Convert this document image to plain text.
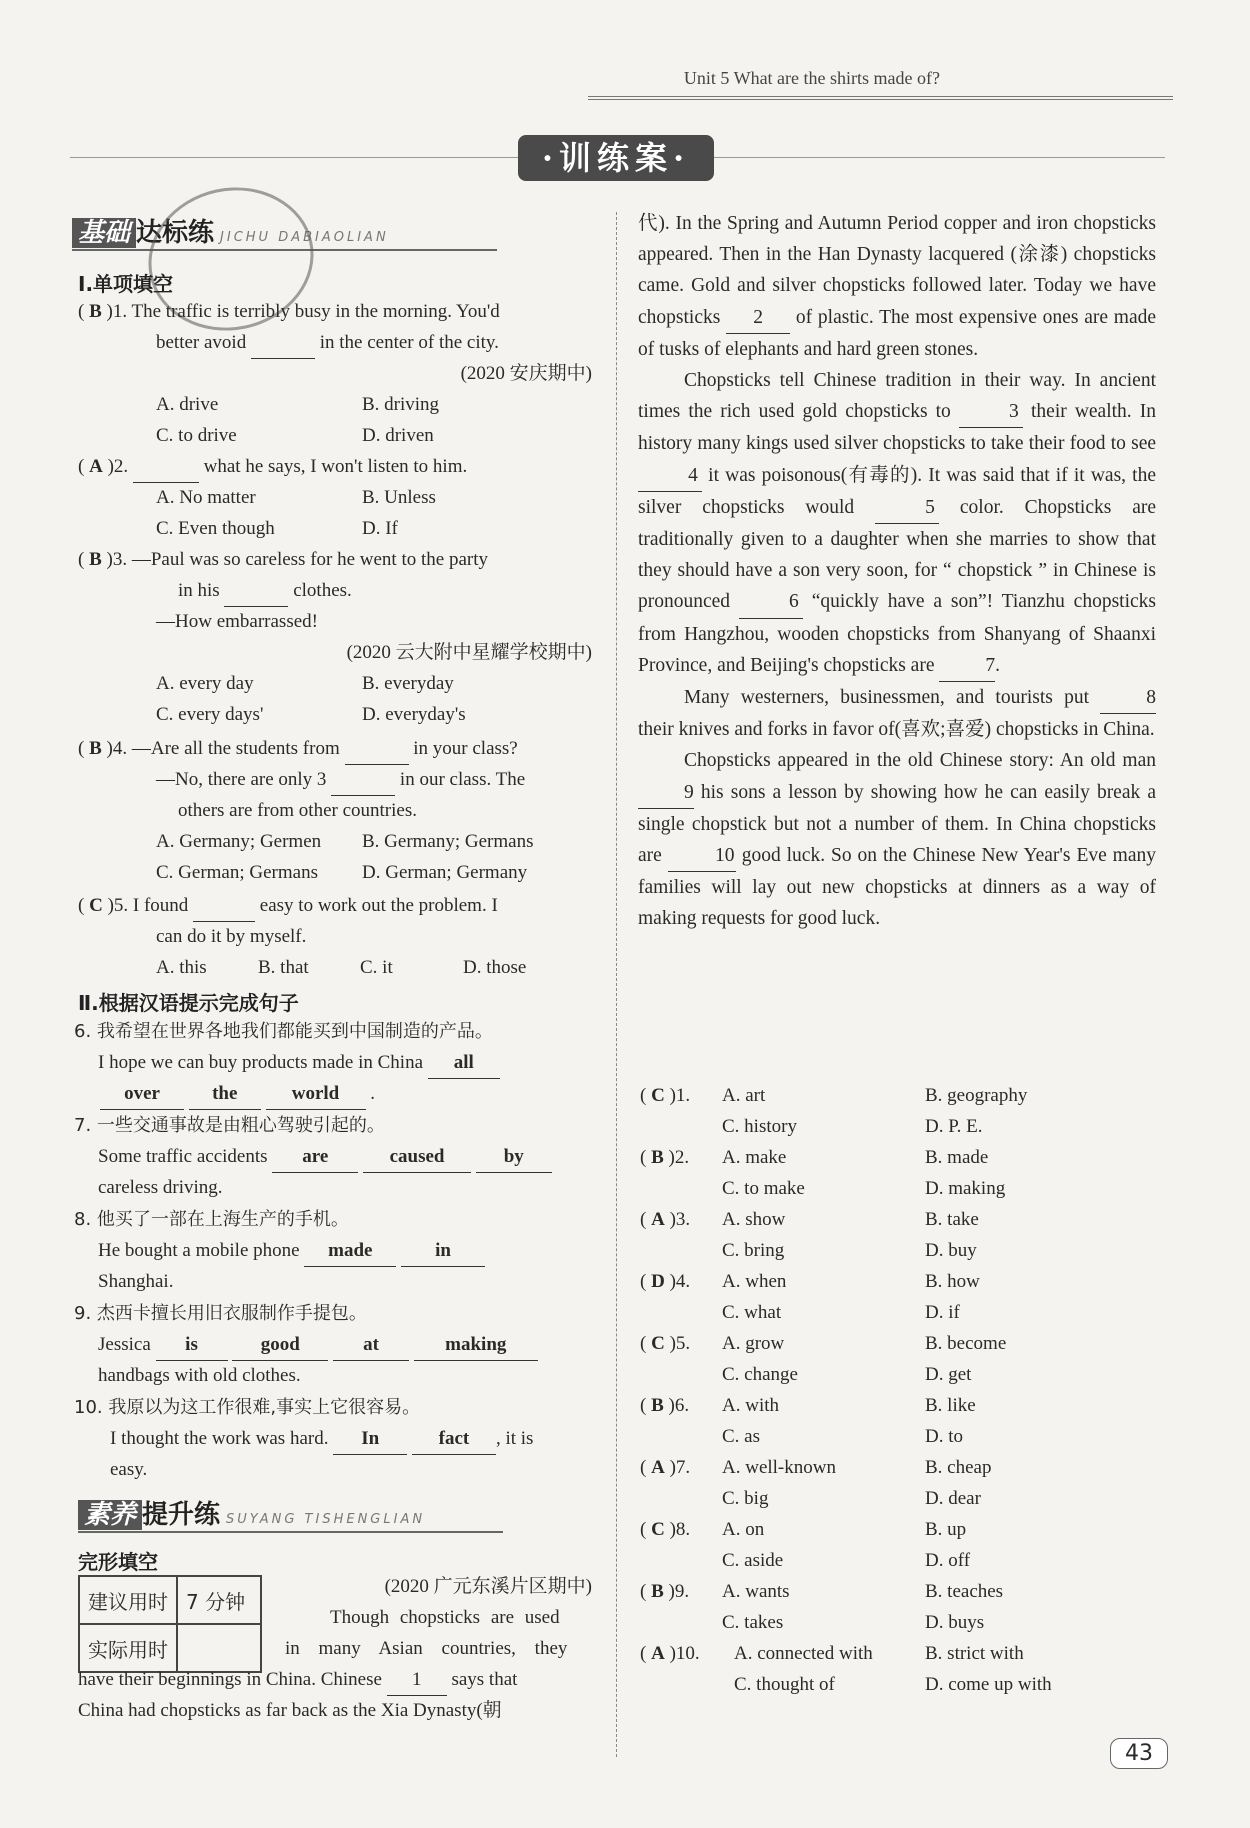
Unit 5 What are the shirts made of?
·训练案·
基础 达标练 JICHU DABIAOLIAN
Ⅰ.单项填空
( B )1. The traffic is terribly busy in the morning. You'd
better avoid	in the center of the city.
(2020 安庆期中)
A. drive	B. driving
C. to drive	D. driven
( A )2.	what he says, I won't listen to him.
A. No matter	B. Unless
C. Even though	D. If
( B )3. —Paul was so careless for he went to the party
in his	clothes.
—How embarrassed!
(2020 云大附中星耀学校期中)
A. every day	B. everyday
C. every days'	D. everyday's
( B )4. —Are all the students from	in your class?
—No, there are only 3	in our class. The
others are from other countries.
A. Germany; Germen B. Germany; Germans
C. German; Germans D. German; Germany
( C )5. I found	easy to work out the problem. I
can do it by myself.
A. this	B. that	C. it	D. those
Ⅱ.根据汉语提示完成句子
6. 我希望在世界各地我们都能买到中国制造的产品。
I hope we can buy products made in China all
over	the	world .
7. 一些交通事故是由粗心驾驶引起的。
Some traffic accidents are	caused	by
careless driving.
8. 他买了一部在上海生产的手机。
He bought a mobile phone made	in
Shanghai.
9. 杰西卡擅长用旧衣服制作手提包。
Jessica is	good	at	making
handbags with old clothes.
10. 我原以为这工作很难,事实上它很容易。
I thought the work was hard. In	fact , it is
easy.
素养 提升练 SUYANG TISHENGLIAN
完形填空
建议用时	7 分钟
实际用时	
(2020 广元东溪片区期中)
Though chopsticks are used
in many Asian countries, they
have their beginnings in China. Chinese 1 says that
China had chopsticks as far back as the Xia Dynasty(朝
代). In the Spring and Autumn Period copper and iron chopsticks appeared. Then in the Han Dynasty lacquered (涂漆) chopsticks came. Gold and silver chopsticks followed later. Today we have chopsticks 2 of plastic. The most expensive ones are made of tusks of elephants and hard green stones.
Chopsticks tell Chinese tradition in their way. In ancient times the rich used gold chopsticks to	3 their wealth. In history many kings used silver chopsticks to take their food to see 4 it was poisonous(有毒的). It was said that if it was, the silver chopsticks would	5 color. Chopsticks are traditionally given to a daughter when she marries to show that they should have a son very soon, for “ chopstick ” in Chinese is pronounced	6 “quickly have a son”! Tianzhu chopsticks from Hangzhou, wooden chopsticks from Shanyang of Shaanxi Province, and Beijing's chopsticks are	7.
Many westerners, businessmen, and tourists put	8 their knives and forks in favor of(喜欢;喜爱) chopsticks in China.
Chopsticks appeared in the old Chinese story: An old man 9 his sons a lesson by showing how he can easily break a single chopstick but not a number of them. In China chopsticks are	10 good luck. So on the Chinese New Year's Eve many families will lay out new chopsticks at dinners as a way of making requests for good luck.
( C )1. A. art	B. geography
C. history	D. P. E.
( B )2. A. make	B. made
C. to make	D. making
( A )3. A. show	B. take
C. bring	D. buy
( D )4. A. when	B. how
C. what	D. if
( C )5. A. grow	B. become
C. change	D. get
( B )6. A. with	B. like
C. as	D. to
( A )7. A. well-known	B. cheap
C. big	D. dear
( C )8. A. on	B. up
C. aside	D. off
( B )9. A. wants	B. teaches
C. takes	D. buys
( A )10. A. connected with	B. strict with
C. thought of	D. come up with
43
